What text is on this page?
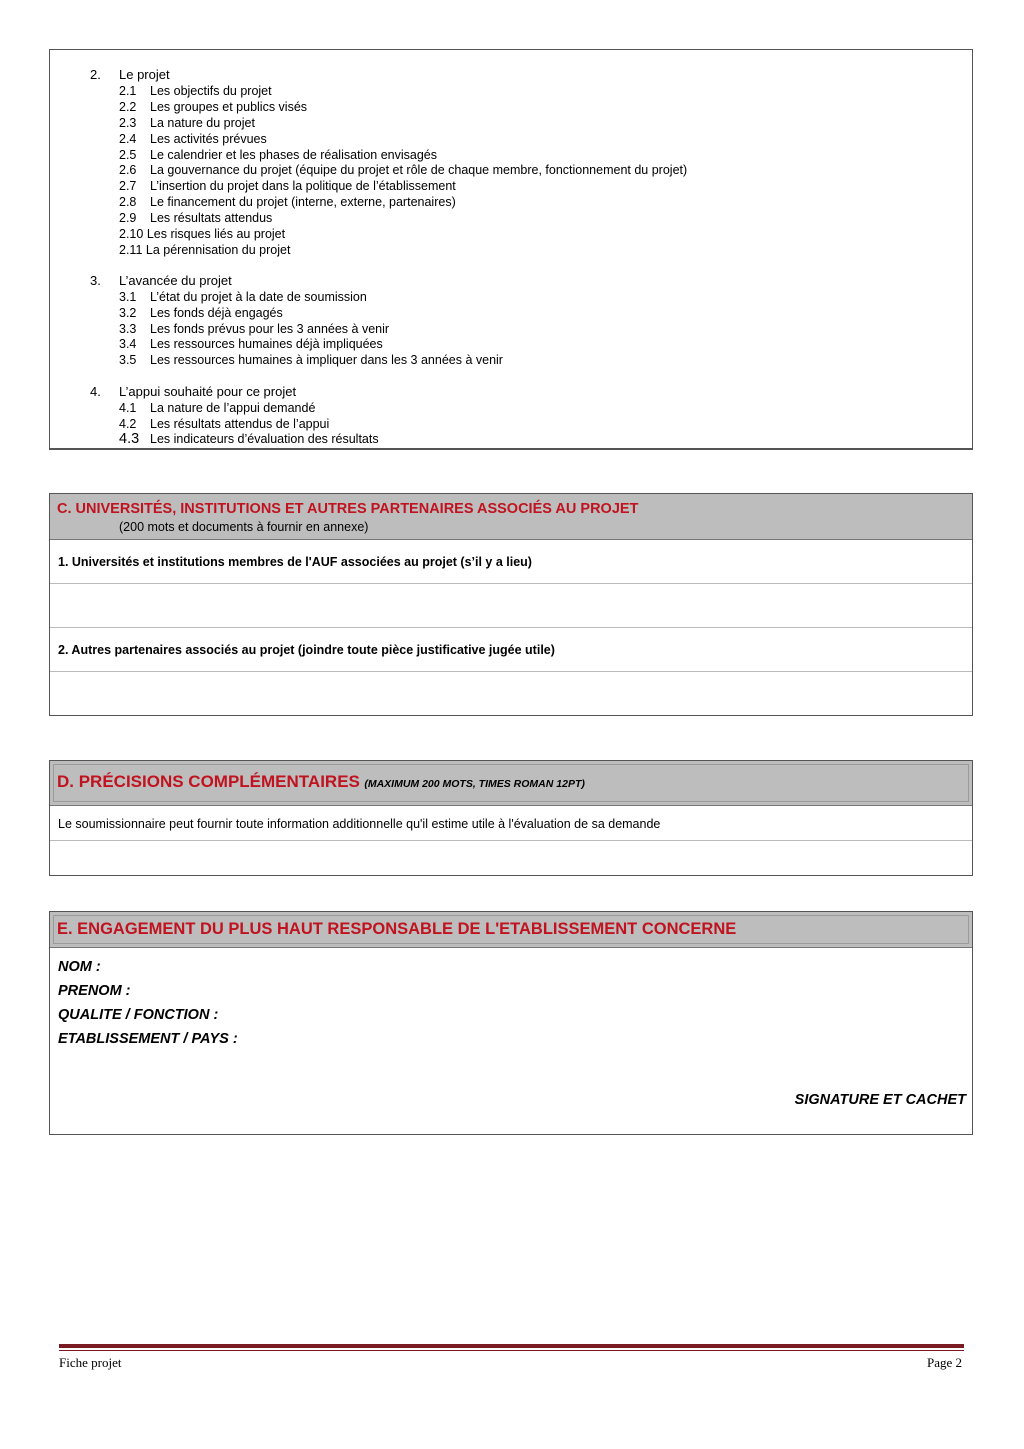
2. Le projet
2.1 Les objectifs du projet
2.2 Les groupes et publics visés
2.3 La nature du projet
2.4 Les activités prévues
2.5 Le calendrier et les phases de réalisation envisagés
2.6 La gouvernance du projet (équipe du projet et rôle de chaque membre, fonctionnement du projet)
2.7 L’insertion du projet dans la politique de l’établissement
2.8 Le financement du projet (interne, externe, partenaires)
2.9 Les résultats attendus
2.10 Les risques liés au projet
2.11 La pérennisation du projet
3. L’avancée du projet
3.1 L’état du projet à la date de soumission
3.2 Les fonds déjà engagés
3.3 Les fonds prévus pour les 3 années à venir
3.4 Les ressources humaines déjà impliquées
3.5 Les ressources humaines à impliquer dans les 3 années à venir
4. L’appui souhaité pour ce projet
4.1 La nature de l’appui demandé
4.2 Les résultats attendus de l’appui
4.3 Les indicateurs d’évaluation des résultats
C. UNIVERSITÉS, INSTITUTIONS ET AUTRES PARTENAIRES ASSOCIÉS AU PROJET
(200 mots et documents à fournir en annexe)
1. Universités et institutions membres de l'AUF associées au projet (s’il y a lieu)
2. Autres partenaires associés au projet (joindre toute pièce justificative jugée utile)
D. PRÉCISIONS COMPLÉMENTAIRES (MAXIMUM 200 MOTS, TIMES ROMAN 12PT)
Le soumissionnaire peut fournir toute information additionnelle qu'il estime utile à l'évaluation de sa demande
E. ENGAGEMENT DU PLUS HAUT RESPONSABLE DE L'ETABLISSEMENT CONCERNE
NOM :
PRENOM :
QUALITE / FONCTION :
ETABLISSEMENT / PAYS :
SIGNATURE ET CACHET
Fiche projet	Page 2
